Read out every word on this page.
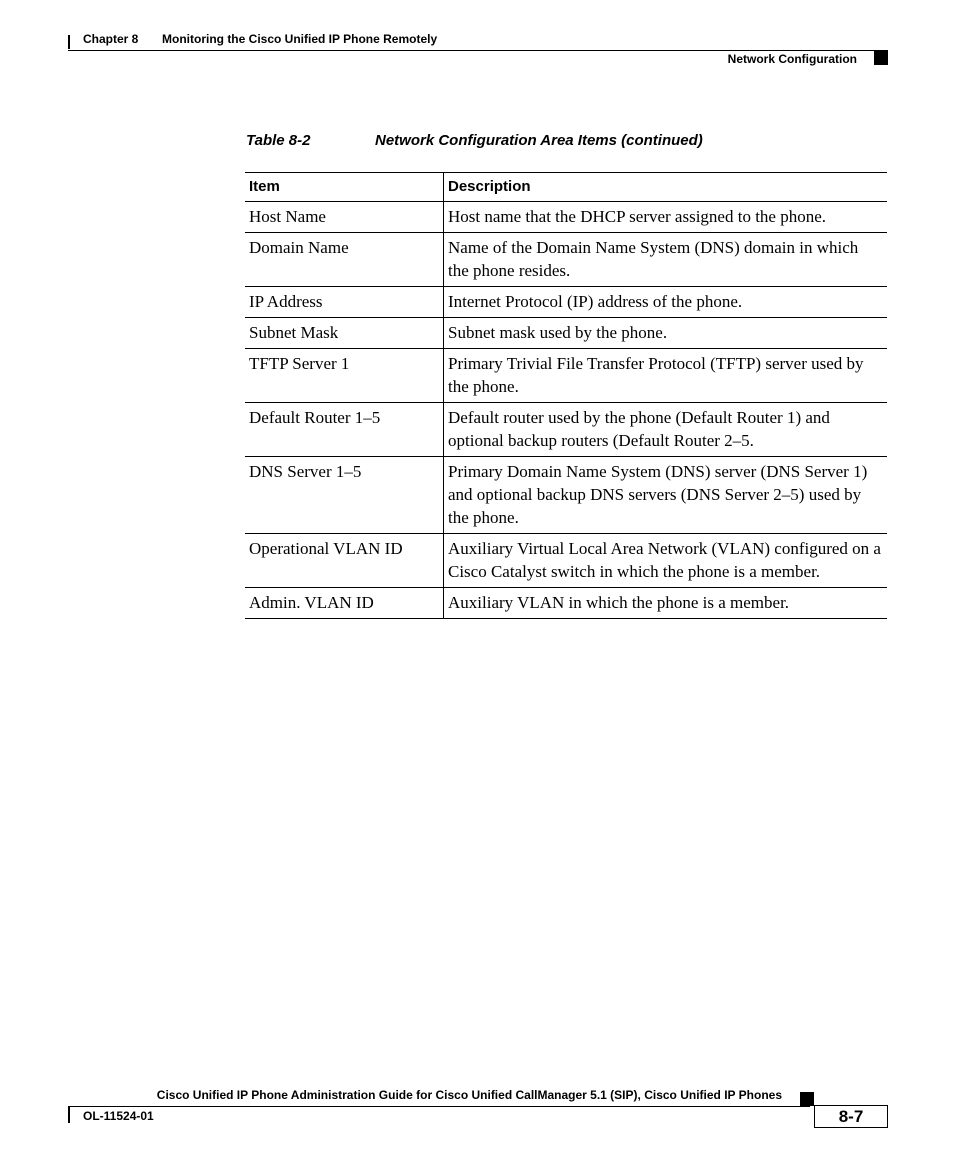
Chapter 8 Monitoring the Cisco Unified IP Phone Remotely
Network Configuration
Table 8-2	Network Configuration Area Items (continued)
Item	Description
Host Name	Host name that the DHCP server assigned to the phone.
Domain Name	Name of the Domain Name System (DNS) domain in which the phone resides.
IP Address	Internet Protocol (IP) address of the phone.
Subnet Mask	Subnet mask used by the phone.
TFTP Server 1	Primary Trivial File Transfer Protocol (TFTP) server used by the phone.
Default Router 1–5	Default router used by the phone (Default Router 1) and optional backup routers (Default Router 2–5.
DNS Server 1–5	Primary Domain Name System (DNS) server (DNS Server 1) and optional backup DNS servers (DNS Server 2–5) used by the phone.
Operational VLAN ID	Auxiliary Virtual Local Area Network (VLAN) configured on a Cisco Catalyst switch in which the phone is a member.
Admin. VLAN ID	Auxiliary VLAN in which the phone is a member.
Cisco Unified IP Phone Administration Guide for Cisco Unified CallManager 5.1 (SIP), Cisco Unified IP Phones
OL-11524-01	8-7
